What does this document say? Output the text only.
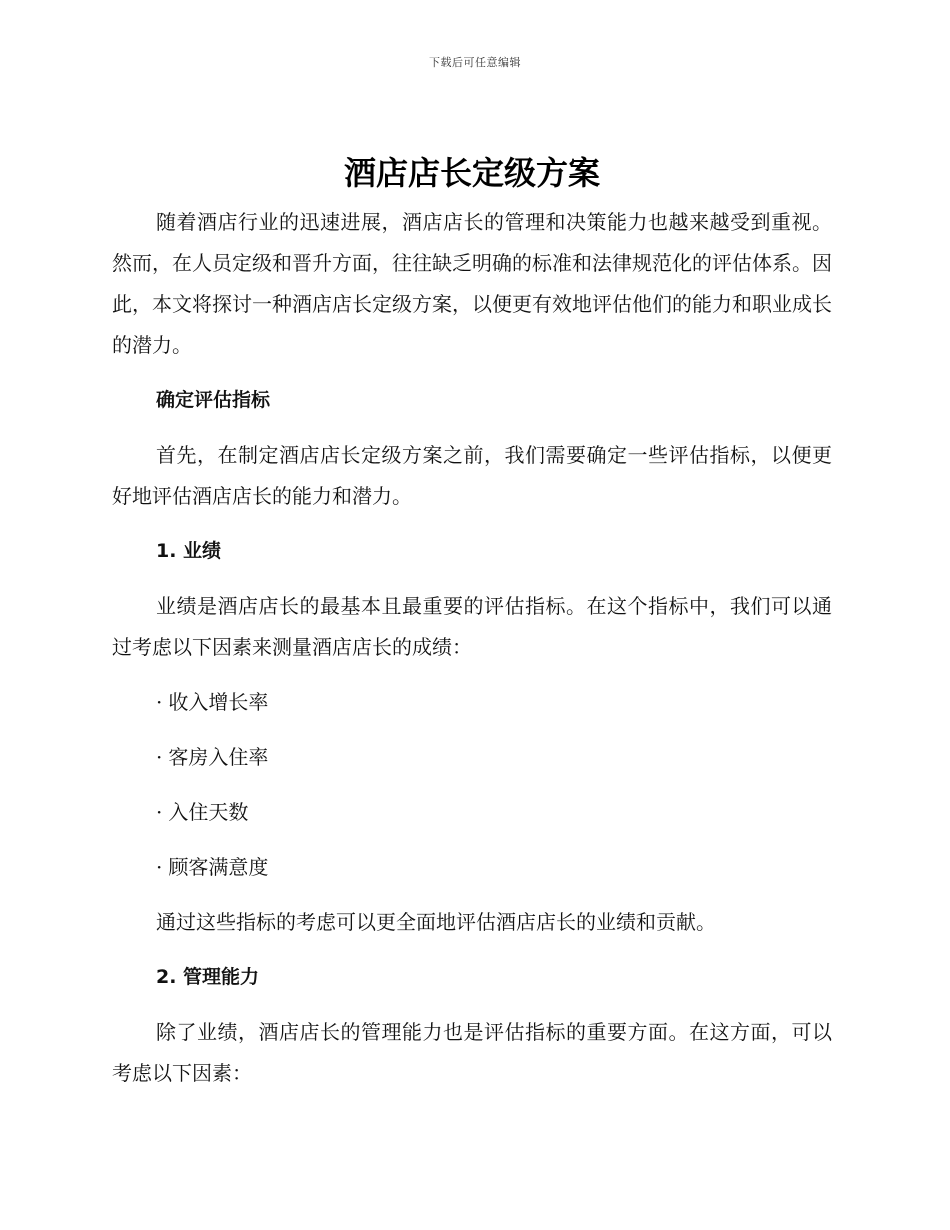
下载后可任意编辑
酒店店长定级方案

随着酒店行业的迅速进展，酒店店长的管理和决策能力也越来越受到重视。然而，在人员定级和晋升方面，往往缺乏明确的标准和法律规范化的评估体系。因此，本文将探讨一种酒店店长定级方案，以便更有效地评估他们的能力和职业成长的潜力。

确定评估指标

首先，在制定酒店店长定级方案之前，我们需要确定一些评估指标，以便更好地评估酒店店长的能力和潜力。

1. 业绩

业绩是酒店店长的最基本且最重要的评估指标。在这个指标中，我们可以通过考虑以下因素来测量酒店店长的成绩：

· 收入增长率
· 客房入住率
· 入住天数
· 顾客满意度

通过这些指标的考虑可以更全面地评估酒店店长的业绩和贡献。

2. 管理能力

除了业绩，酒店店长的管理能力也是评估指标的重要方面。在这方面，可以考虑以下因素：
